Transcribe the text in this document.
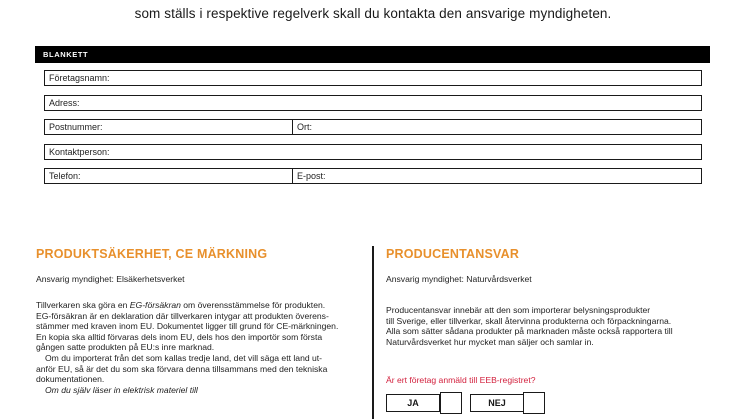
som ställs i respektive regelverk skall du kontakta den ansvarige myndigheten.
BLANKETT
Företagsnamn:
Adress:
Postnummer:	Ort:
Kontaktperson:
Telefon:	E-post:
PRODUKTSÄKERHET, CE MÄRKNING
Ansvarig myndighet: Elsäkerhetsverket
Tillverkaren ska göra en EG-försäkran om överensstämmelse för produkten.
EG-försäkran är en deklaration där tillverkaren intygar att produkten överens-
stämmer med kraven inom EU. Dokumentet ligger till grund för CE-märkningen.
En kopia ska alltid förvaras dels inom EU, dels hos den importör som första
gången satte produkten på EU:s inre marknad.
Om du importerat från det som kallas tredje land, det vill säga ett land ut-
anför EU, så är det du som ska förvara denna tillsammans med den tekniska
dokumentationen.
Om du själv läser in elektrisk materiel till
PRODUCENTANSVAR
Ansvarig myndighet: Naturvårdsverket
Producentansvar innebär att den som importerar belysningsprodukter
till Sverige, eller tillverkar, skall återvinna produkterna och förpackningarna.
Alla som sätter sådana produkter på marknaden måste också rapportera till
Naturvårdsverket hur mycket man säljer och samlar in.
Är ert företag anmäld till EEB-registret?
JA	NEJ
